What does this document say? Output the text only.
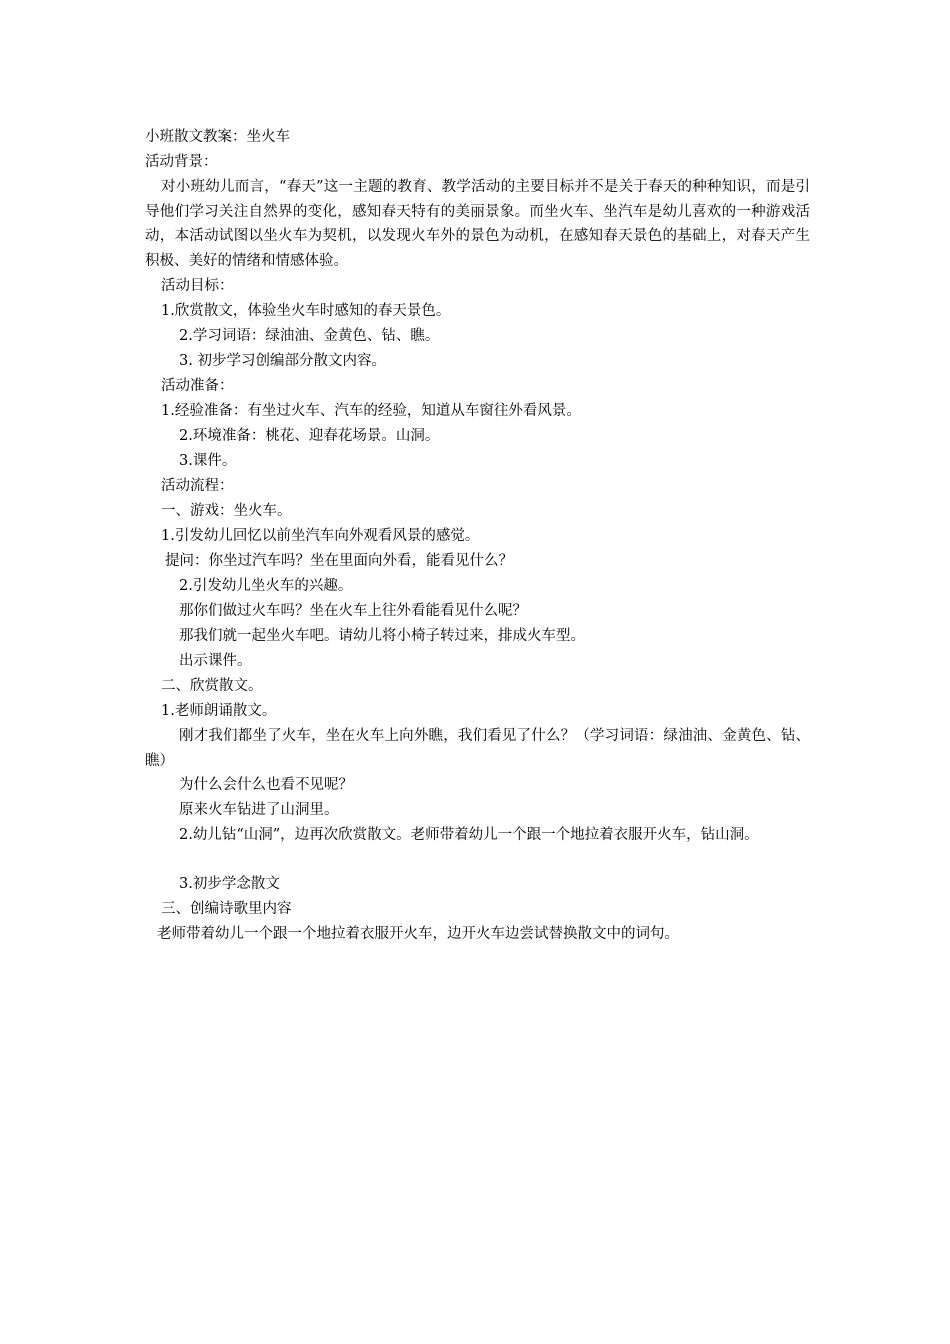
小班散文教案：坐火车
活动背景：
对小班幼儿而言，“春天”这一主题的教育、教学活动的主要目标并不是关于春天的种种知识，而是引导他们学习关注自然界的变化，感知春天特有的美丽景象。而坐火车、坐汽车是幼儿喜欢的一种游戏活动，本活动试图以坐火车为契机，以发现火车外的景色为动机，在感知春天景色的基础上，对春天产生积极、美好的情绪和情感体验。
活动目标：
1.欣赏散文，体验坐火车时感知的春天景色。
2.学习词语：绿油油、金黄色、钻、瞧。
3. 初步学习创编部分散文内容。
活动准备：
1.经验准备：有坐过火车、汽车的经验，知道从车窗往外看风景。
2.环境准备：桃花、迎春花场景。山洞。
3.课件。
活动流程：
一、游戏：坐火车。
1.引发幼儿回忆以前坐汽车向外观看风景的感觉。
提问：你坐过汽车吗？坐在里面向外看，能看见什么？
2.引发幼儿坐火车的兴趣。
那你们做过火车吗？坐在火车上往外看能看见什么呢？
那我们就一起坐火车吧。请幼儿将小椅子转过来，排成火车型。
出示课件。
二、欣赏散文。
1.老师朗诵散文。
刚才我们都坐了火车，坐在火车上向外瞧，我们看见了什么？（学习词语：绿油油、金黄色、钻、瞧）
为什么会什么也看不见呢？
原来火车钻进了山洞里。
2.幼儿钻“山洞”，边再次欣赏散文。老师带着幼儿一个跟一个地拉着衣服开火车，钻山洞。
3.初步学念散文
三、创编诗歌里内容
老师带着幼儿一个跟一个地拉着衣服开火车，边开火车边尝试替换散文中的词句。
